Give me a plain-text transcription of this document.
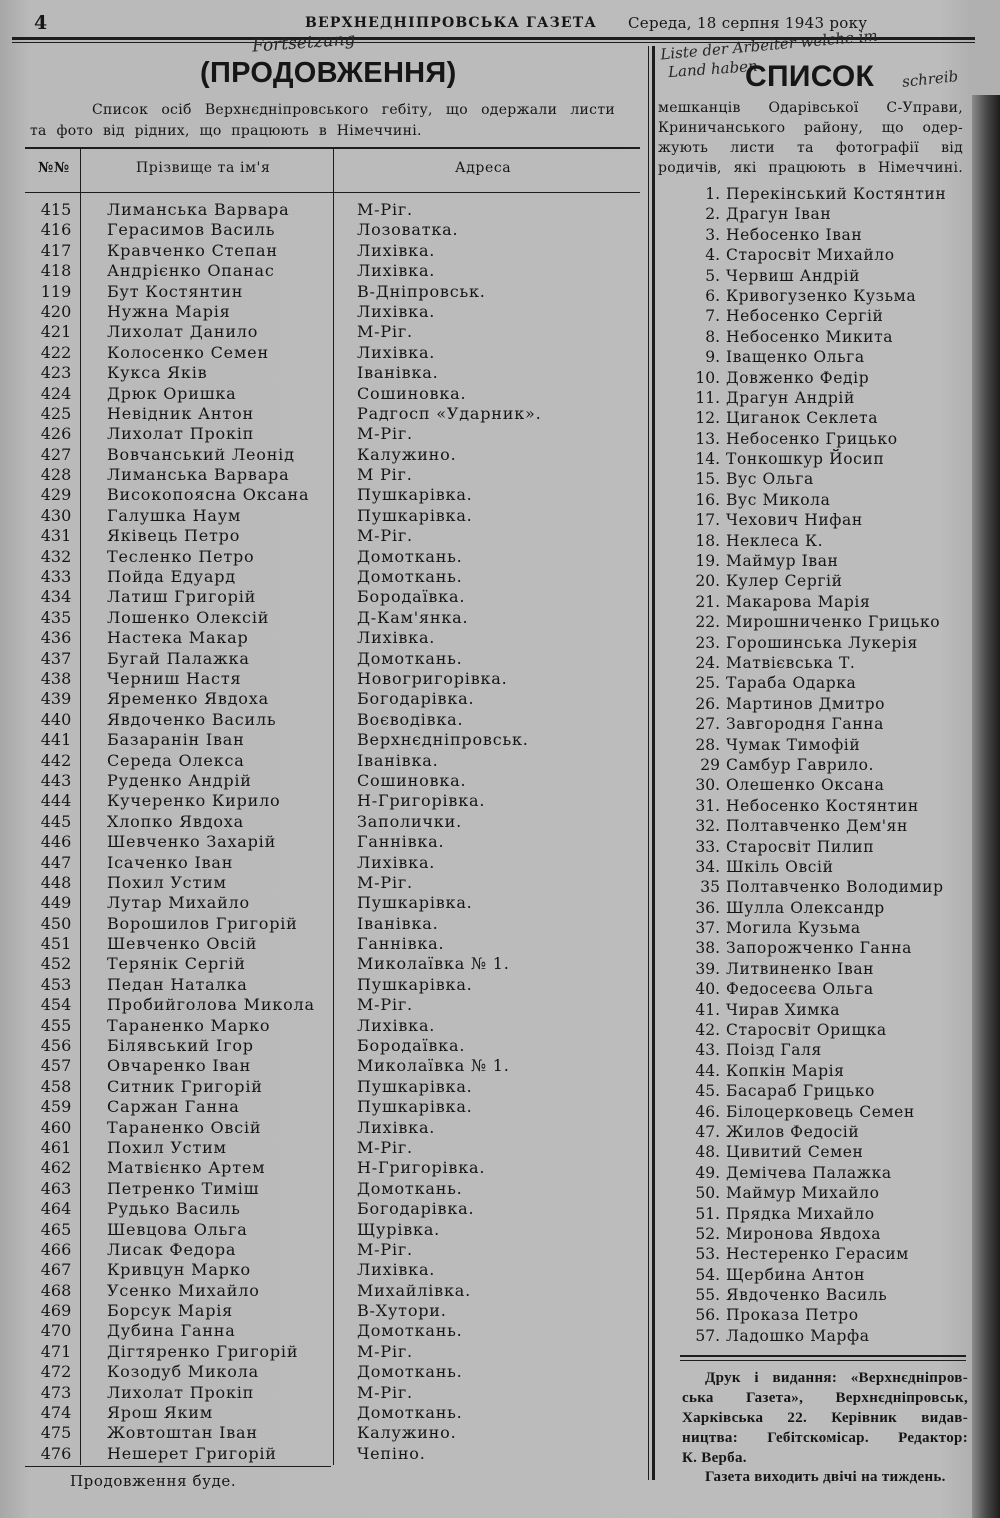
4	ВЕРХНЕДНІПРОВСЬКА ГАЗЕТА Середа, 18 серпня 1943 року
Fortsetzung
(ПРОДОВЖЕННЯ)
Список осіб Верхнєдніпровського гебіту, що одержали листи
та фото від рідних, що працюють в Німеччині.
№№	Прізвище та ім'я	Адреса
415	Лиманська Варвара	М-Ріг.
416	Герасимов Василь	Лозоватка.
417	Кравченко Степан	Лихівка.
418	Андрієнко Опанас	Лихівка.
119	Бут Костянтин	В-Дніпровськ.
420	Нужна Марія	Лихівка.
421	Лихолат Данило	М-Ріг.
422	Колосенко Семен	Лихівка.
423	Кукса Яків	Іванівка.
424	Дрюк Оришка	Сошиновка.
425	Невідник Антон	Радгосп «Ударник».
426	Лихолат Прокіп	М-Ріг.
427	Вовчанський Леонід	Калужино.
428	Лиманська Варвара	М Ріг.
429	Високопоясна Оксана	Пушкарівка.
430	Галушка Наум	Пушкарівка.
431	Яківець Петро	М-Ріг.
432	Тесленко Петро	Домоткань.
433	Пойда Едуард	Домоткань.
434	Латиш Григорій	Бородаївка.
435	Лошенко Олексій	Д-Кам'янка.
436	Настека Макар	Лихівка.
437	Бугай Палажка	Домоткань.
438	Черниш Настя	Новогригорівка.
439	Яременко Явдоха	Богодарівка.
440	Явдоченко Василь	Воєводівка.
441	Базаранін Іван	Верхнєдніпровськ.
442	Середа Олекса	Іванівка.
443	Руденко Андрій	Сошиновка.
444	Кучеренко Кирило	Н-Григорівка.
445	Хлопко Явдоха	Заполички.
446	Шевченко Захарій	Ганнівка.
447	Ісаченко Іван	Лихівка.
448	Похил Устим	М-Ріг.
449	Лутар Михайло	Пушкарівка.
450	Ворошилов Григорій	Іванівка.
451	Шевченко Овсій	Ганнівка.
452	Терянік Сергій	Миколаївка № 1.
453	Педан Наталка	Пушкарівка.
454	Пробийголова Микола	М-Ріг.
455	Тараненко Марко	Лихівка.
456	Білявський Ігор	Бородаївка.
457	Овчаренко Іван	Миколаївка № 1.
458	Ситник Григорій	Пушкарівка.
459	Саржан Ганна	Пушкарівка.
460	Тараненко Овсій	Лихівка.
461	Похил Устим	М-Ріг.
462	Матвієнко Артем	Н-Григорівка.
463	Петренко Тиміш	Домоткань.
464	Рудько Василь	Богодарівка.
465	Шевцова Ольга	Щурівка.
466	Лисак Федора	М-Ріг.
467	Кривцун Марко	Лихівка.
468	Усенко Михайло	Михайлівка.
469	Борсук Марія	В-Хутори.
470	Дубина Ганна	Домоткань.
471	Дігтяренко Григорій	М-Ріг.
472	Козодуб Микола	Домоткань.
473	Лихолат Прокіп	М-Ріг.
474	Ярош Яким	Домоткань.
475	Жовтоштан Іван	Калужино.
476	Нешерет Григорій	Чепіно.
Продовження буде.
Liste der Arbeiter welche im
Land haben	schreib
СПИСОК
мешканців Одарівської С-Управи,
Криничанського району, що одер-
жують листи та фотографії від
родичів, які працюють в Німеччині.
1. Перекінський Костянтин
2. Драгун Іван
3. Небосенко Іван
4. Старосвіт Михайло
5. Червиш Андрій
6. Кривогузенко Кузьма
7. Небосенко Сергій
8. Небосенко Микита
9. Іващенко Ольга
10. Довженко Федір
11. Драгун Андрій
12. Циганок Секлета
13. Небосенко Грицько
14. Тонкошкур Йосип
15. Вус Ольга
16. Вус Микола
17. Чехович Нифан
18. Неклеса К.
19. Маймур Іван
20. Кулер Сергій
21. Макарова Марія
22. Мирошниченко Грицько
23. Горошинська Лукерія
24. Матвієвська Т.
25. Тараба Одарка
26. Мартинов Дмитро
27. Завгородня Ганна
28. Чумак Тимофій
29 Самбур Гаврило.
30. Олешенко Оксана
31. Небосенко Костянтин
32. Полтавченко Дем'ян
33. Старосвіт Пилип
34. Шкіль Овсій
35 Полтавченко Володимир
36. Шулла Олександр
37. Могила Кузьма
38. Запорожченко Ганна
39. Литвиненко Іван
40. Федосеєва Ольга
41. Чирав Химка
42. Старосвіт Орищка
43. Поізд Галя
44. Копкін Марія
45. Басараб Грицько
46. Білоцерковець Семен
47. Жилов Федосій
48. Цивитий Семен
49. Демічева Палажка
50. Маймур Михайло
51. Прядка Михайло
52. Миронова Явдоха
53. Нестеренко Герасим
54. Щербина Антон
55. Явдоченко Василь
56. Проказа Петро
57. Ладошко Марфа
Друк і видання: «Верхнєдніпров-
ська Газета», Верхнєдніпровськ,
Харківська 22. Керівник видав-
ництва: Гебітскомісар. Редактор:
К. Верба.
Газета виходить двічі на тиждень.
